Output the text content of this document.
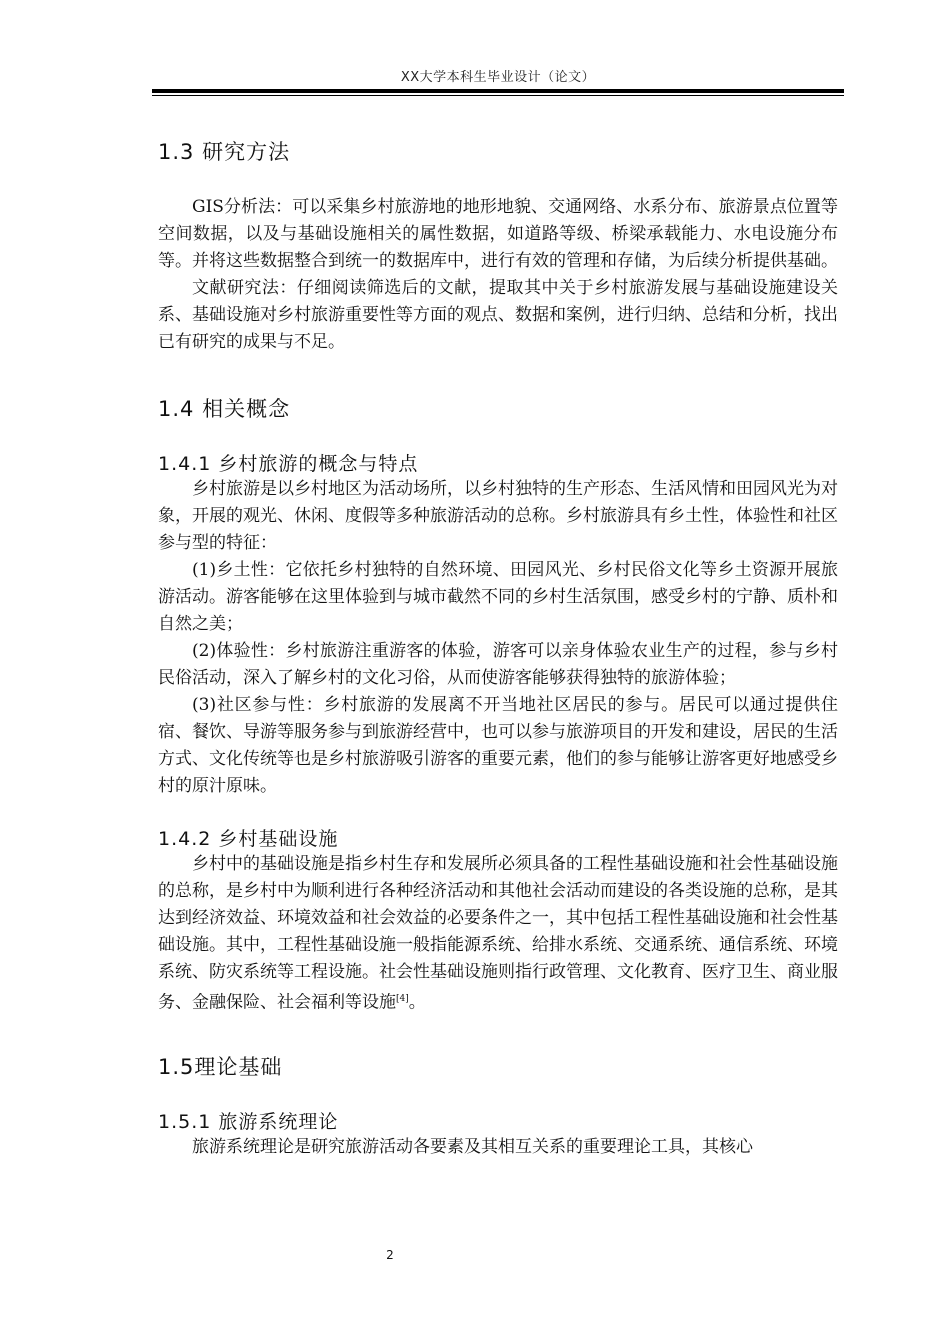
XX大学本科生毕业设计（论文）
1.3 研究方法

GIS分析法：可以采集乡村旅游地的地形地貌、交通网络、水系分布、旅游景点位置等空间数据，以及与基础设施相关的属性数据，如道路等级、桥梁承载能力、水电设施分布等。并将这些数据整合到统一的数据库中，进行有效的管理和存储，为后续分析提供基础。

文献研究法：仔细阅读筛选后的文献，提取其中关于乡村旅游发展与基础设施建设关系、基础设施对乡村旅游重要性等方面的观点、数据和案例，进行归纳、总结和分析，找出已有研究的成果与不足。

1.4 相关概念
1.4.1 乡村旅游的概念与特点

乡村旅游是以乡村地区为活动场所，以乡村独特的生产形态、生活风情和田园风光为对象，开展的观光、休闲、度假等多种旅游活动的总称。乡村旅游具有乡土性，体验性和社区参与型的特征：

(1)乡土性：它依托乡村独特的自然环境、田园风光、乡村民俗文化等乡土资源开展旅游活动。游客能够在这里体验到与城市截然不同的乡村生活氛围，感受乡村的宁静、质朴和自然之美；

(2)体验性：乡村旅游注重游客的体验，游客可以亲身体验农业生产的过程，参与乡村民俗活动，深入了解乡村的文化习俗，从而使游客能够获得独特的旅游体验；

(3)社区参与性：乡村旅游的发展离不开当地社区居民的参与。居民可以通过提供住宿、餐饮、导游等服务参与到旅游经营中，也可以参与旅游项目的开发和建设，居民的生活方式、文化传统等也是乡村旅游吸引游客的重要元素，他们的参与能够让游客更好地感受乡村的原汁原味。

1.4.2 乡村基础设施

乡村中的基础设施是指乡村生存和发展所必须具备的工程性基础设施和社会性基础设施的总称，是乡村中为顺利进行各种经济活动和其他社会活动而建设的各类设施的总称，是其达到经济效益、环境效益和社会效益的必要条件之一，其中包括工程性基础设施和社会性基础设施。其中，工程性基础设施一般指能源系统、给排水系统、交通系统、通信系统、环境系统、防灾系统等工程设施。社会性基础设施则指行政管理、文化教育、医疗卫生、商业服务、金融保险、社会福利等设施[4]。

1.5理论基础
1.5.1 旅游系统理论

旅游系统理论是研究旅游活动各要素及其相互关系的重要理论工具，其核心

2
